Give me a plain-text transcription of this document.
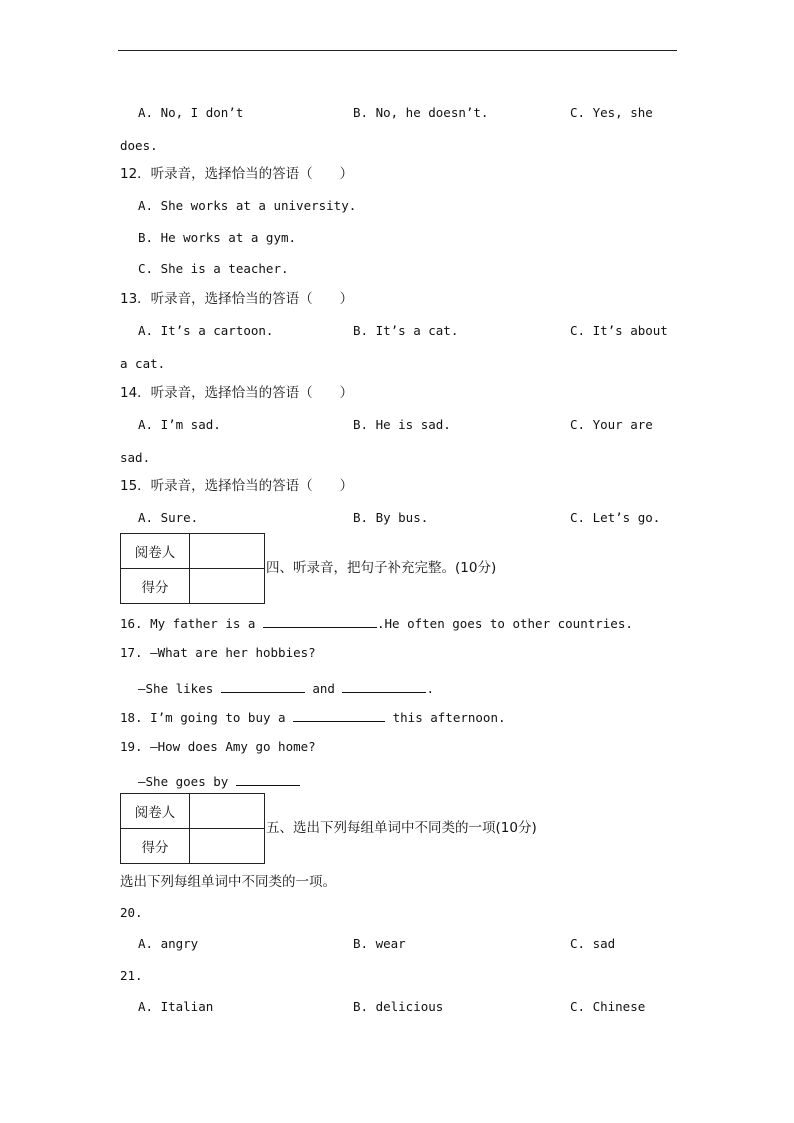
A. No, I don’t	B. No, he doesn’t.	C. Yes, she
does.
12．听录音，选择恰当的答语（　　）
A. She works at a university.
B. He works at a gym.
C. She is a teacher.
13．听录音，选择恰当的答语（　　）
A. It’s a cartoon.	B. It’s a cat.	C. It’s about
a cat.
14．听录音，选择恰当的答语（　　）
A. I’m sad.	B. He is sad.	C. Your are
sad.
15．听录音，选择恰当的答语（　　）
A. Sure.	B. By bus.	C. Let’s go.
阅卷人	
得分	
四、听录音，把句子补充完整。(10分)
16. My father is a	.He often goes to other countries.
17. —What are her hobbies?
—She likes	and	.
18. I’m going to buy a	this afternoon.
19. —How does Amy go home?
—She goes by
阅卷人	
得分	
五、选出下列每组单词中不同类的一项(10分)
选出下列每组单词中不同类的一项。
20.
A. angry	B. wear	C. sad
21.
A. Italian	B. delicious	C. Chinese
